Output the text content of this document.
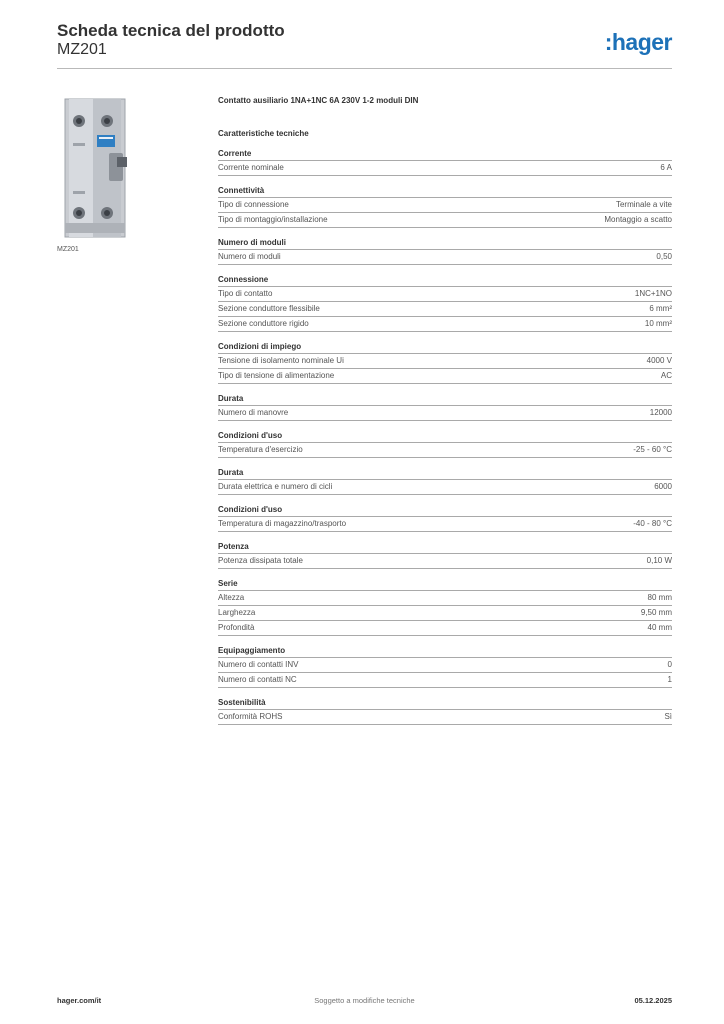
Scheda tecnica del prodotto
MZ201	:hager
MZ201
Contatto ausiliario 1NA+1NC 6A 230V 1-2 moduli DIN
Caratteristiche tecniche
Corrente
Corrente nominale	6 A
Connettività
Tipo di connessione	Terminale a vite
Tipo di montaggio/installazione	Montaggio a scatto
Numero di moduli
Numero di moduli	0,50
Connessione
Tipo di contatto	1NC+1NO
Sezione conduttore flessibile	6 mm²
Sezione conduttore rigido	10 mm²
Condizioni di impiego
Tensione di isolamento nominale Ui	4000 V
Tipo di tensione di alimentazione	AC
Durata
Numero di manovre	12000
Condizioni d'uso
Temperatura d'esercizio	-25 - 60 °C
Durata
Durata elettrica e numero di cicli	6000
Condizioni d'uso
Temperatura di magazzino/trasporto	-40 - 80 °C
Potenza
Potenza dissipata totale	0,10 W
Serie
Altezza	80 mm
Larghezza	9,50 mm
Profondità	40 mm
Equipaggiamento
Numero di contatti INV	0
Numero di contatti NC	1
Sostenibilità
Conformità ROHS	Sì
hager.com/it	Soggetto a modifiche tecniche	05.12.2025
